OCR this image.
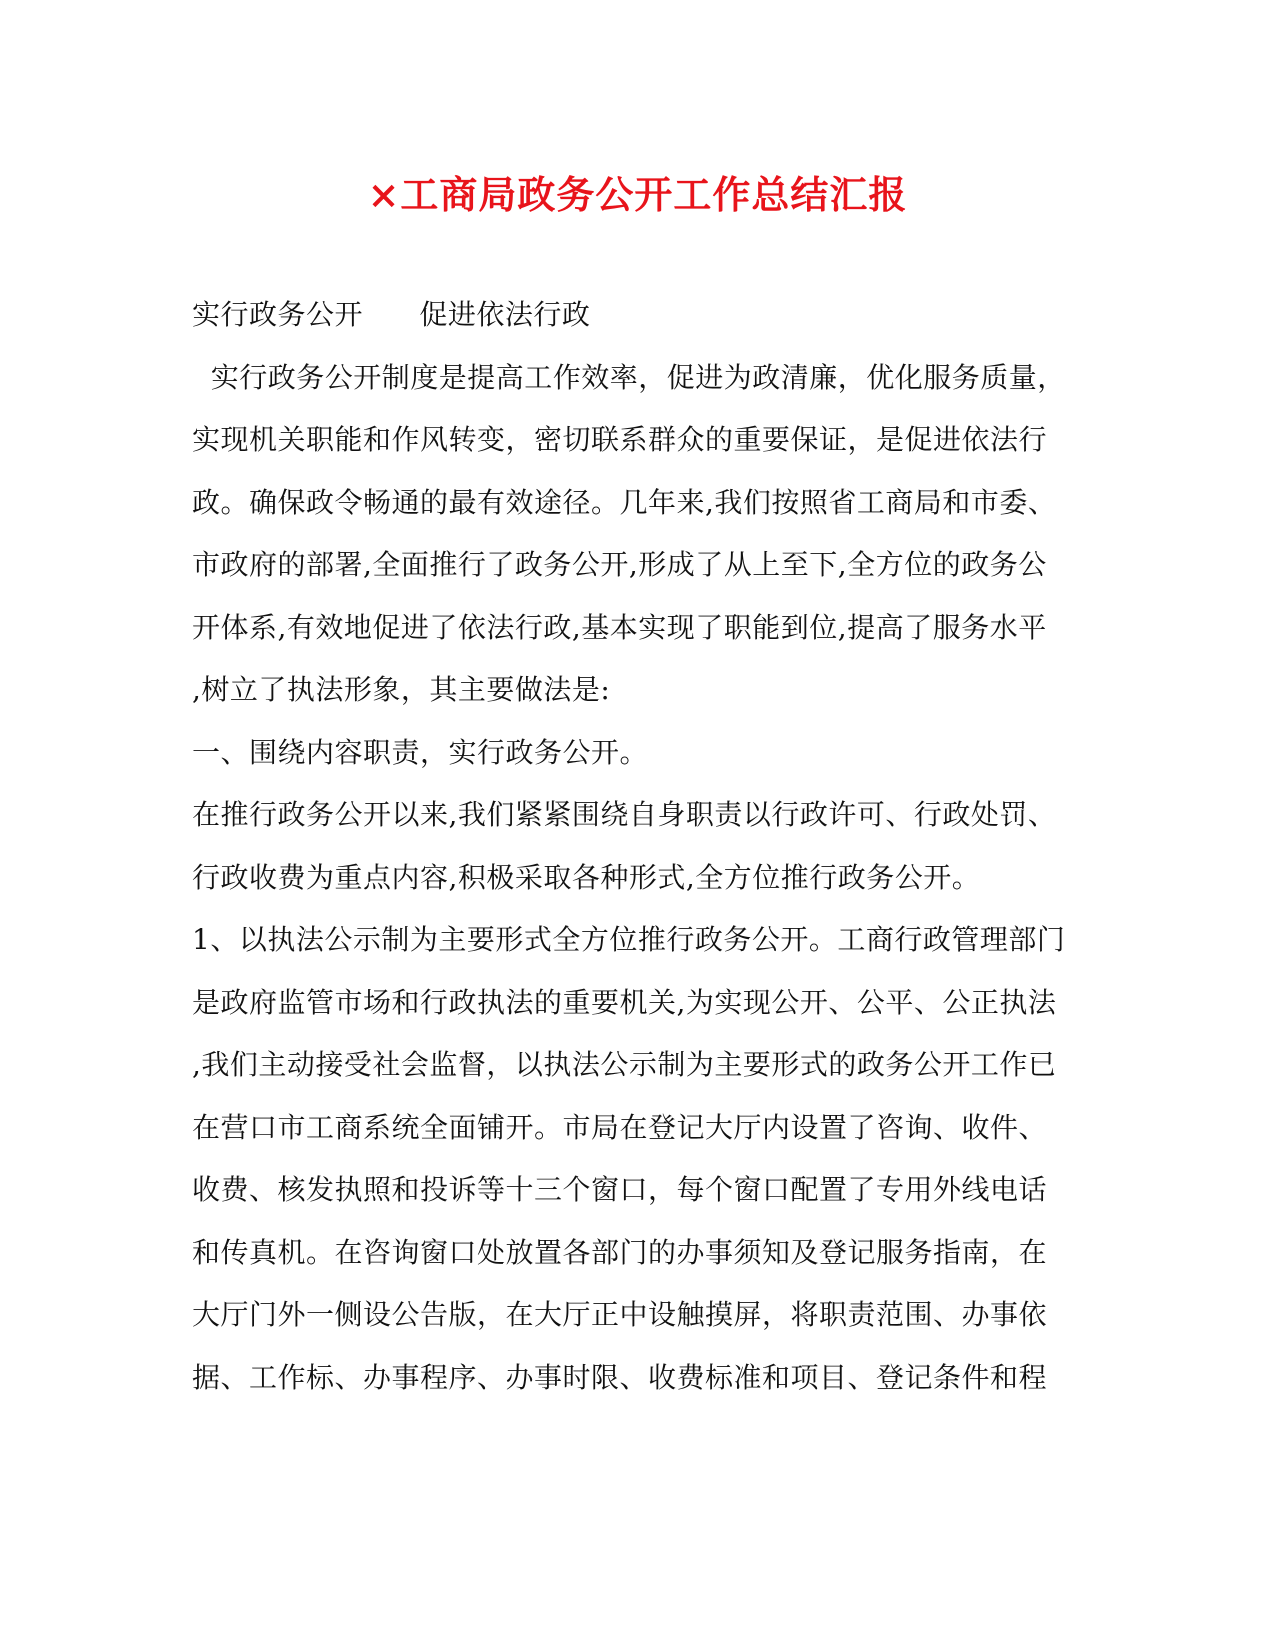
×工商局政务公开工作总结汇报
实行政务公开      促进依法行政
实行政务公开制度是提高工作效率，促进为政清廉，优化服务质量，
实现机关职能和作风转变，密切联系群众的重要保证，是促进依法行
政。确保政令畅通的最有效途径。几年来,我们按照省工商局和市委、
市政府的部署,全面推行了政务公开,形成了从上至下,全方位的政务公
开体系,有效地促进了依法行政,基本实现了职能到位,提高了服务水平
,树立了执法形象，其主要做法是:
一、围绕内容职责，实行政务公开。
在推行政务公开以来,我们紧紧围绕自身职责以行政许可、行政处罚、
行政收费为重点内容,积极采取各种形式,全方位推行政务公开。
1、以执法公示制为主要形式全方位推行政务公开。工商行政管理部门
是政府监管市场和行政执法的重要机关,为实现公开、公平、公正执法
,我们主动接受社会监督，以执法公示制为主要形式的政务公开工作已
在营口市工商系统全面铺开。市局在登记大厅内设置了咨询、收件、
收费、核发执照和投诉等十三个窗口，每个窗口配置了专用外线电话
和传真机。在咨询窗口处放置各部门的办事须知及登记服务指南，在
大厅门外一侧设公告版，在大厅正中设触摸屏，将职责范围、办事依
据、工作标、办事程序、办事时限、收费标准和项目、登记条件和程
